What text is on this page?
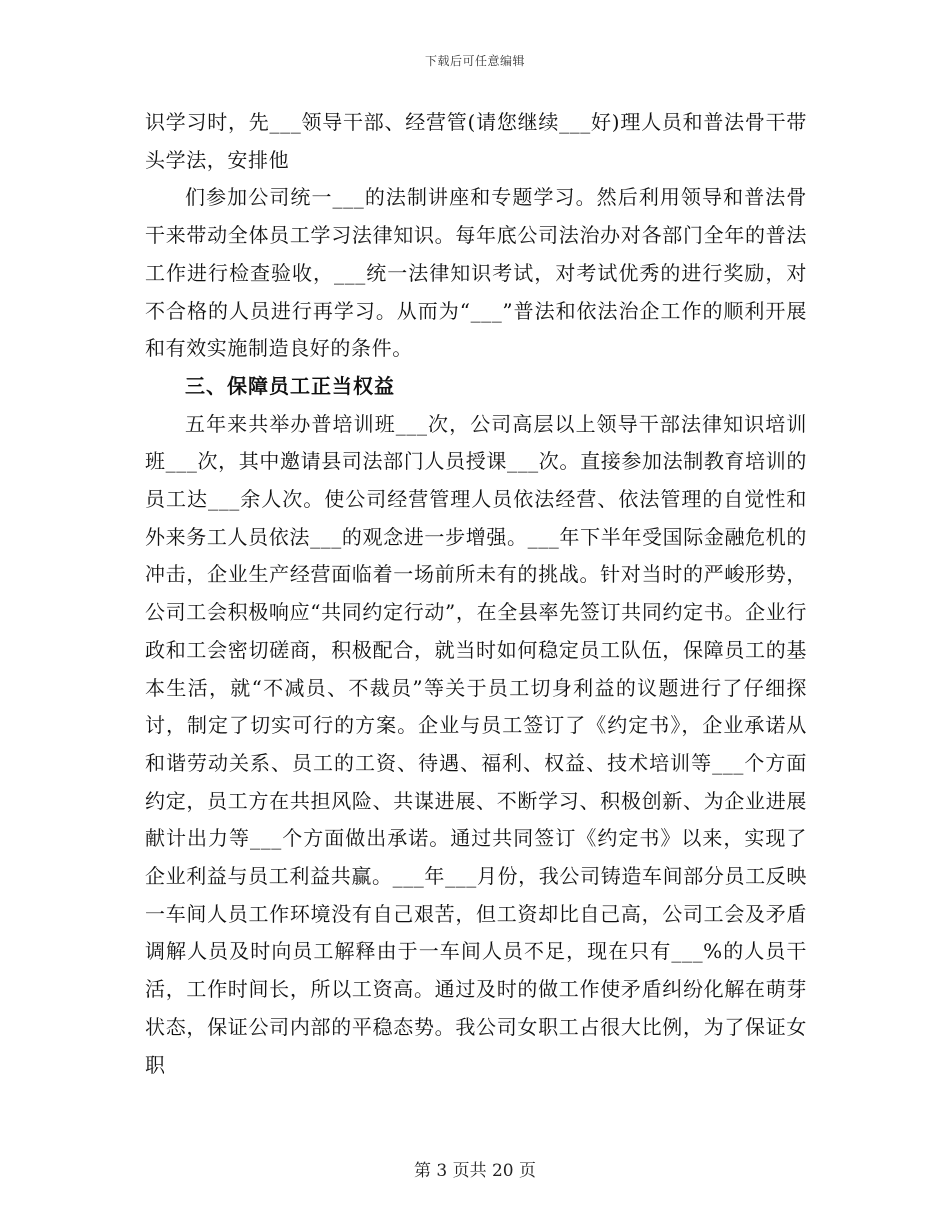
下载后可任意编辑

识学习时，先___领导干部、经营管(请您继续___好)理人员和普法骨干带头学法，安排他

们参加公司统一___的法制讲座和专题学习。然后利用领导和普法骨干来带动全体员工学习法律知识。每年底公司法治办对各部门全年的普法工作进行检查验收，___统一法律知识考试，对考试优秀的进行奖励，对不合格的人员进行再学习。从而为“___”普法和依法治企工作的顺利开展和有效实施制造良好的条件。

三、保障员工正当权益

五年来共举办普培训班___次，公司高层以上领导干部法律知识培训班___次，其中邀请县司法部门人员授课___次。直接参加法制教育培训的员工达___余人次。使公司经营管理人员依法经营、依法管理的自觉性和外来务工人员依法___的观念进一步增强。___年下半年受国际金融危机的冲击，企业生产经营面临着一场前所未有的挑战。针对当时的严峻形势，公司工会积极响应“共同约定行动”，在全县率先签订共同约定书。企业行政和工会密切磋商，积极配合，就当时如何稳定员工队伍，保障员工的基本生活，就“不减员、不裁员”等关于员工切身利益的议题进行了仔细探讨，制定了切实可行的方案。企业与员工签订了《约定书》，企业承诺从和谐劳动关系、员工的工资、待遇、福利、权益、技术培训等___个方面约定，员工方在共担风险、共谋进展、不断学习、积极创新、为企业进展献计出力等___个方面做出承诺。通过共同签订《约定书》以来，实现了企业利益与员工利益共赢。___年___月份，我公司铸造车间部分员工反映一车间人员工作环境没有自己艰苦，但工资却比自己高，公司工会及矛盾调解人员及时向员工解释由于一车间人员不足，现在只有___%的人员干活，工作时间长，所以工资高。通过及时的做工作使矛盾纠纷化解在萌芽状态，保证公司内部的平稳态势。我公司女职工占很大比例，为了保证女职

第 3 页共 20 页
